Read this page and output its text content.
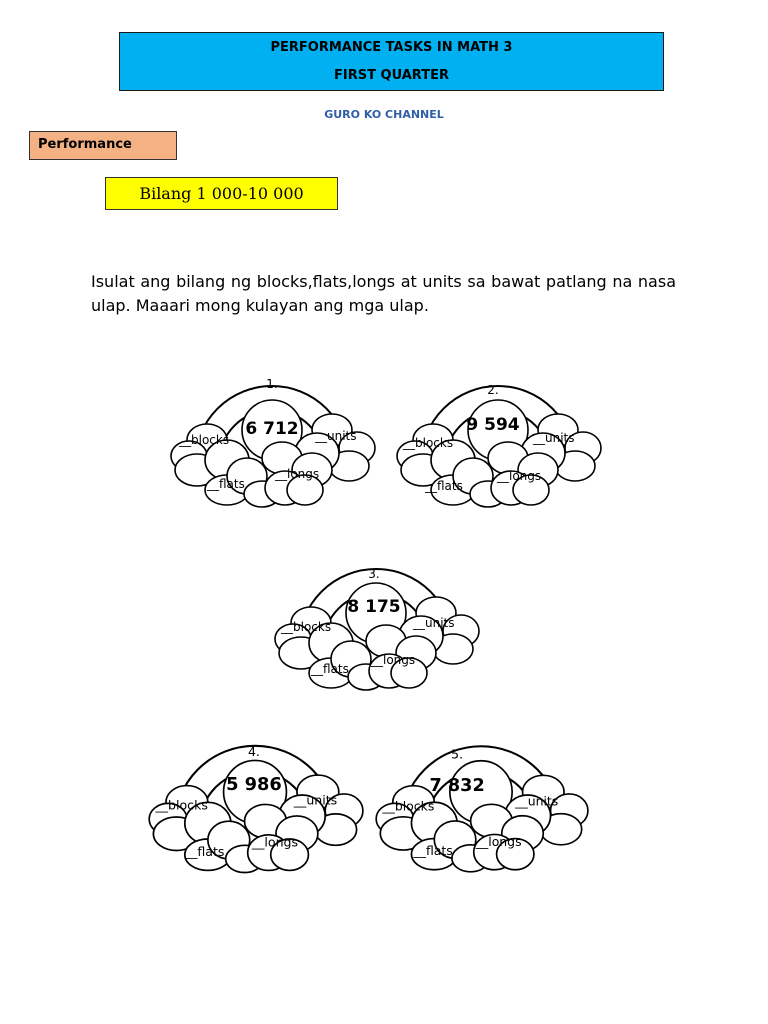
PERFORMANCE TASKS IN MATH 3
FIRST QUARTER
GURO KO CHANNEL
Performance
Bilang 1 000-10 000
Isulat ang bilang ng blocks,flats,longs at units sa bawat patlang na nasa ulap. Maaari mong kulayan ang mga ulap.
1.
6 712
__blocks	__units
__flats
__longs
2.
9 594
__blocks	__units
__flats
__longs
3.
8 175
__blocks	__units
__flats
__longs
4.
5 986
__blocks	__units
__flats
__longs
5.
7 832
__blocks	__units
__flats
__longs
